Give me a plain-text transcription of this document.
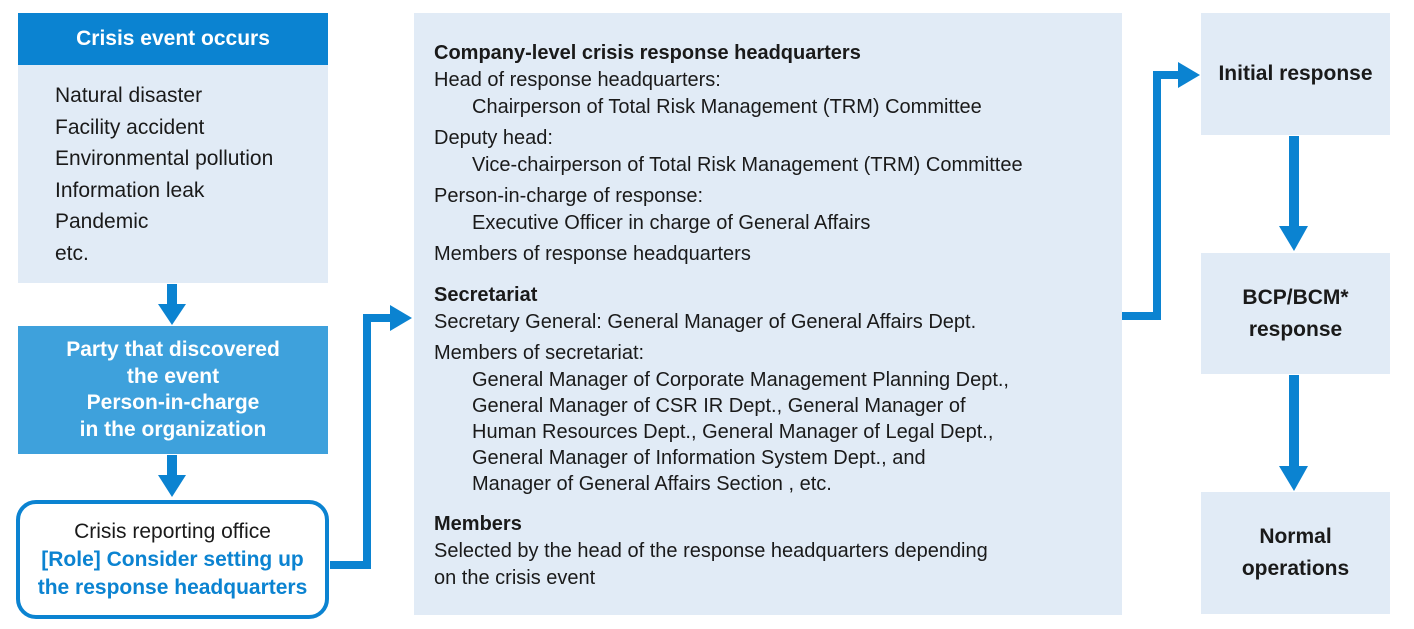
Crisis event occurs
Natural disaster
Facility accident
Environmental pollution
Information leak
Pandemic
etc.
Party that discovered
the event
Person-in-charge
in the organization
Crisis reporting office
[Role] Consider setting up
the response headquarters
Company-level crisis response headquarters
Head of response headquarters:
Chairperson of Total Risk Management (TRM) Committee
Deputy head:
Vice-chairperson of Total Risk Management (TRM) Committee
Person-in-charge of response:
Executive Officer in charge of General Affairs
Members of response headquarters
Secretariat
Secretary General: General Manager of General Affairs Dept.
Members of secretariat:
General Manager of Corporate Management Planning Dept.,
General Manager of CSR IR Dept., General Manager of
Human Resources Dept., General Manager of Legal Dept.,
General Manager of Information System Dept., and
Manager of General Affairs Section , etc.
Members
Selected by the head of the response headquarters depending
on the crisis event
Initial response
BCP/BCM*
response
Normal
operations
